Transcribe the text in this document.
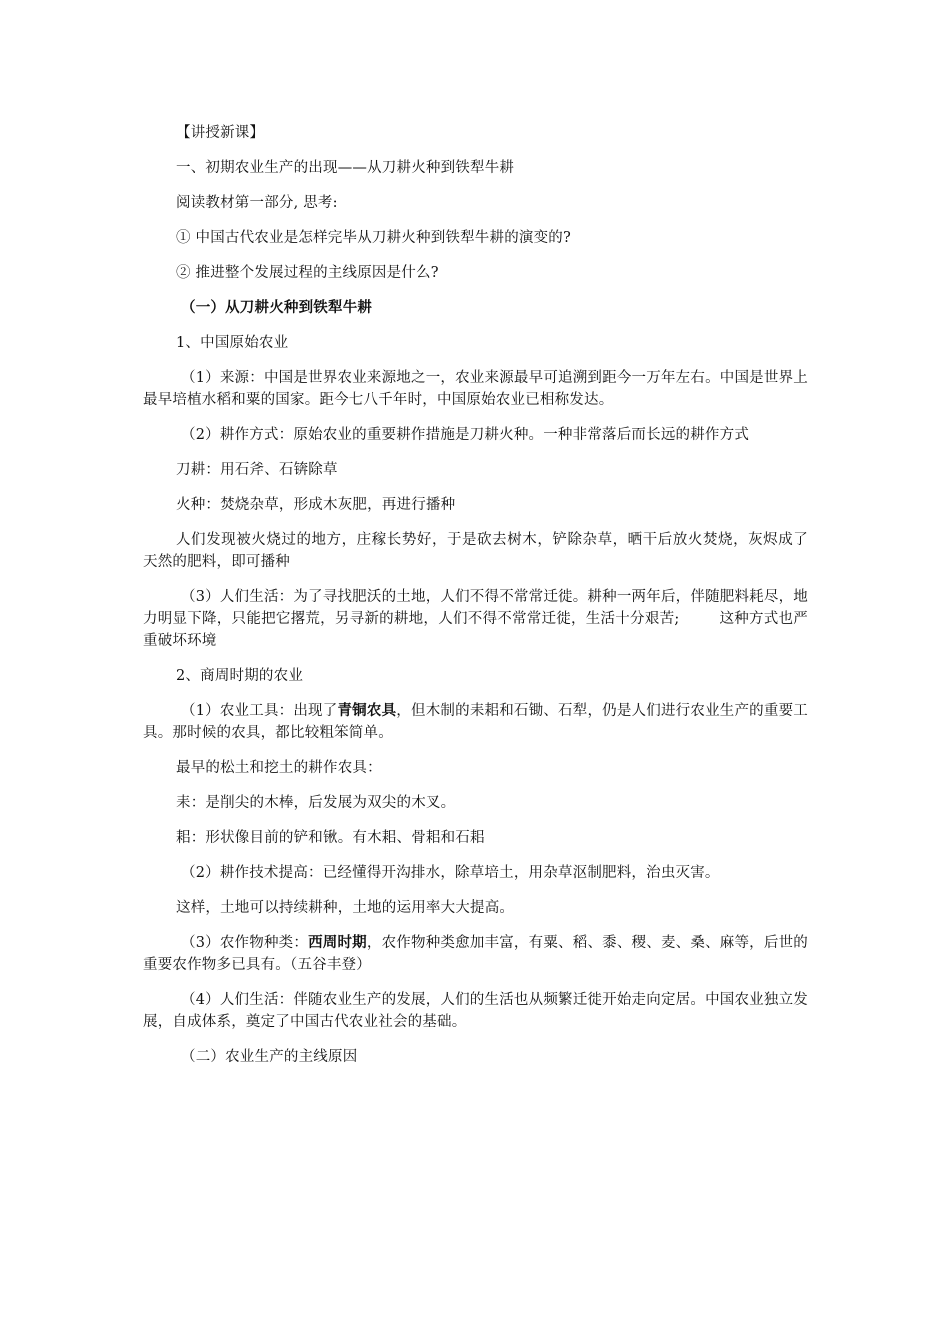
【讲授新课】

一、初期农业生产的出现——从刀耕火种到铁犁牛耕

阅读教材第一部分, 思考:

① 中国古代农业是怎样完毕从刀耕火种到铁犁牛耕的演变的?

② 推进整个发展过程的主线原因是什么?

（一）从刀耕火种到铁犁牛耕

1、中国原始农业

（1）来源：中国是世界农业来源地之一，农业来源最早可追溯到距今一万年左右。中国是世界上最早培植水稻和粟的国家。距今七八千年时，中国原始农业已相称发达。

（2）耕作方式：原始农业的重要耕作措施是刀耕火种。一种非常落后而长远的耕作方式

刀耕：用石斧、石锛除草

火种：焚烧杂草，形成木灰肥，再进行播种

人们发现被火烧过的地方，庄稼长势好，于是砍去树木，铲除杂草，晒干后放火焚烧，灰烬成了天然的肥料，即可播种

（3）人们生活：为了寻找肥沃的土地，人们不得不常常迁徙。耕种一两年后，伴随肥料耗尽，地力明显下降，只能把它撂荒，另寻新的耕地，人们不得不常常迁徙，生活十分艰苦;	这种方式也严重破坏环境

2、商周时期的农业

（1）农业工具：出现了青铜农具，但木制的耒耜和石锄、石犁，仍是人们进行农业生产的重要工具。那时候的农具，都比较粗笨简单。

最早的松土和挖土的耕作农具：

耒：是削尖的木棒，后发展为双尖的木叉。

耜：形状像目前的铲和锹。有木耜、骨耜和石耜

（2）耕作技术提高：已经懂得开沟排水，除草培土，用杂草沤制肥料，治虫灭害。

这样，土地可以持续耕种，土地的运用率大大提高。

（3）农作物种类：西周时期，农作物种类愈加丰富，有粟、稻、黍、稷、麦、桑、麻等，后世的重要农作物多已具有。（五谷丰登）

（4）人们生活：伴随农业生产的发展，人们的生活也从频繁迁徙开始走向定居。中国农业独立发展，自成体系，奠定了中国古代农业社会的基础。

（二）农业生产的主线原因
